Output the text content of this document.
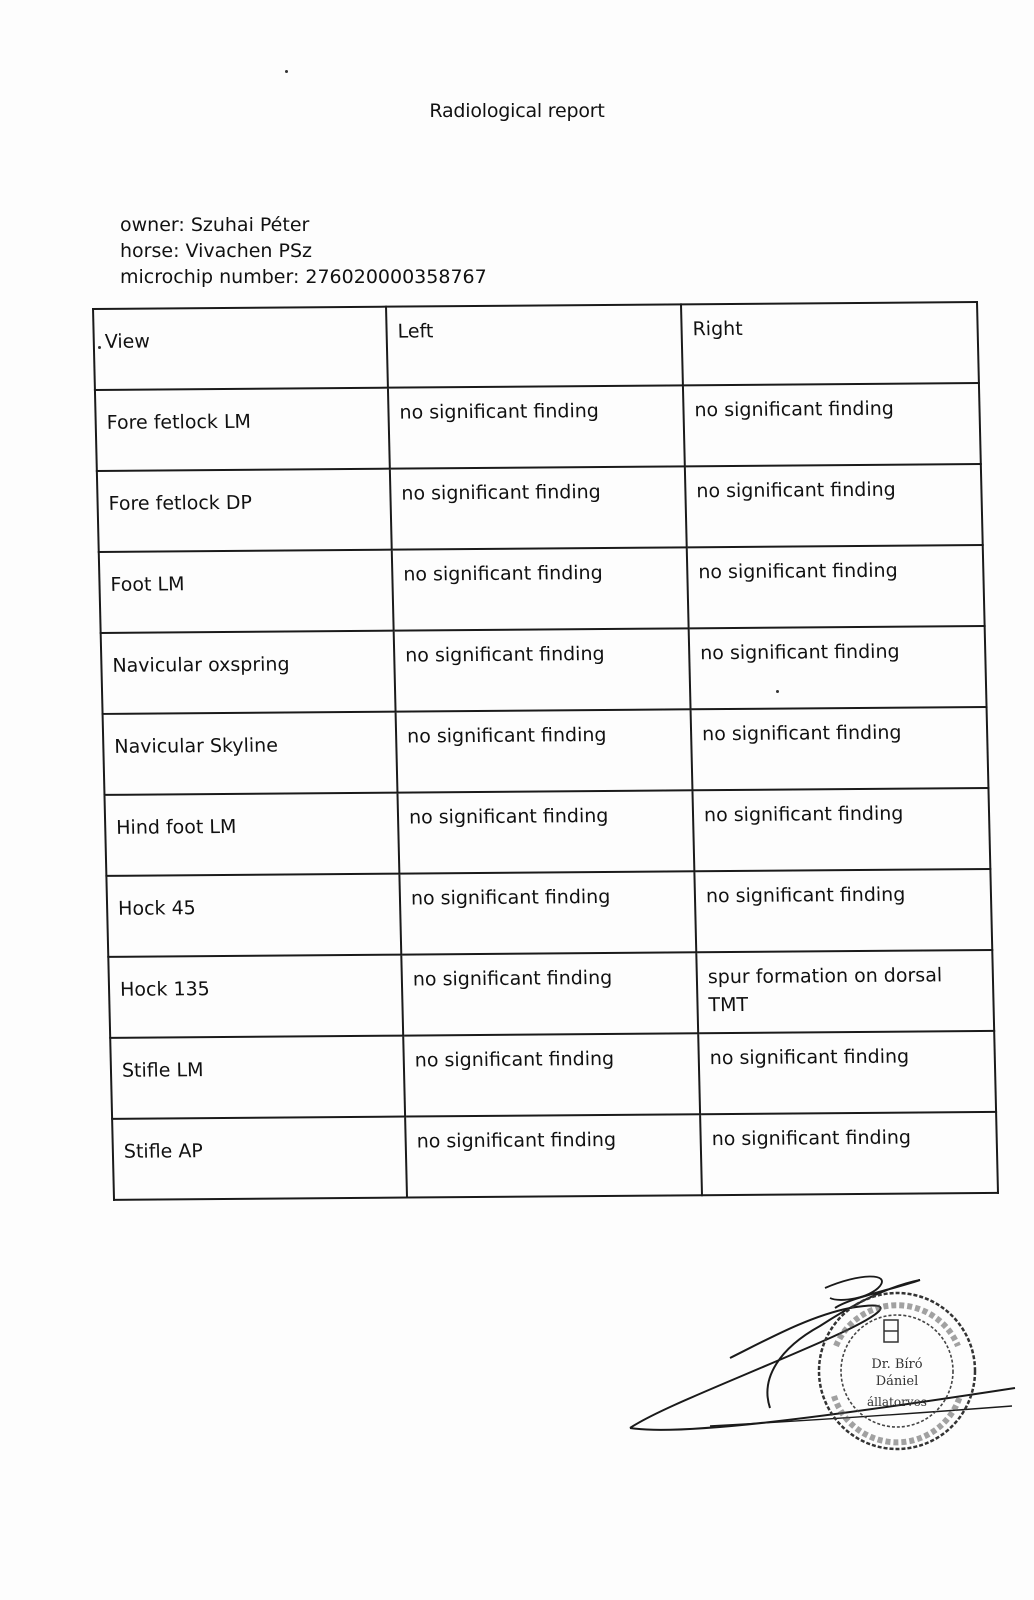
Radiological report
owner: Szuhai Péter
horse: Vivachen PSz
microchip number: 276020000358767
View	Left	Right
Fore fetlock LM	no significant finding	no significant finding
Fore fetlock DP	no significant finding	no significant finding
Foot LM	no significant finding	no significant finding
Navicular oxspring	no significant finding	no significant finding
Navicular Skyline	no significant finding	no significant finding
Hind foot LM	no significant finding	no significant finding
Hock 45	no significant finding	no significant finding
Hock 135	no significant finding	spur formation on dorsal TMT
Stifle LM	no significant finding	no significant finding
Stifle AP	no significant finding	no significant finding
Dr. Bíró
Dániel
állatorvos
